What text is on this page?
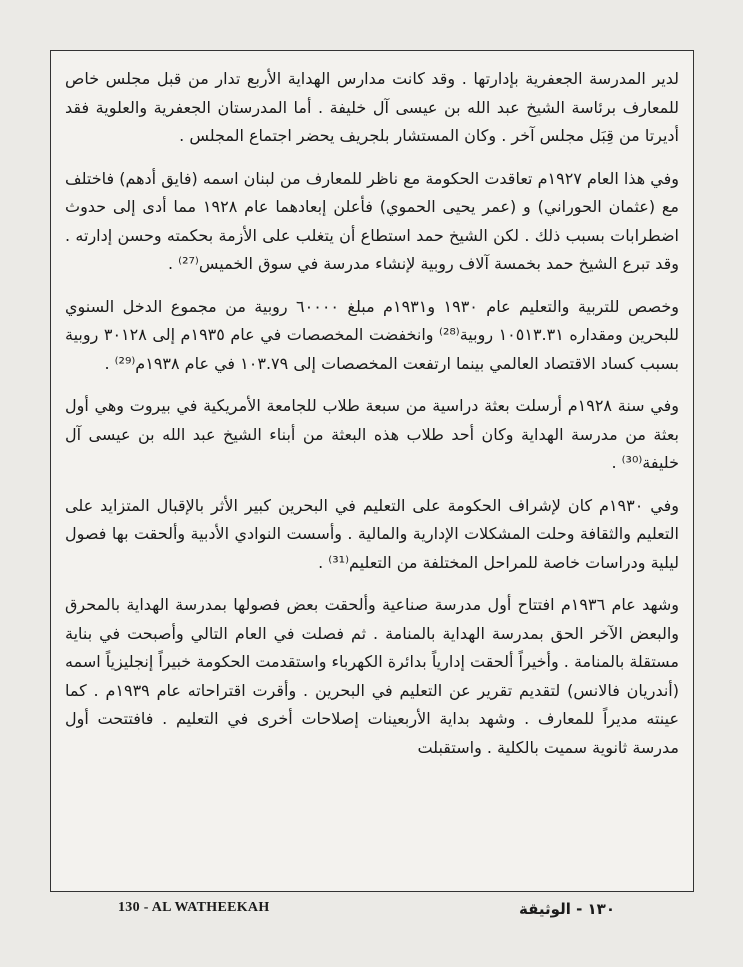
لدير المدرسة الجعفرية بإدارتها . وقد كانت مدارس الهداية الأربع تدار من قبل مجلس خاص للمعارف برئاسة الشيخ عبد الله بن عيسى آل خليفة . أما المدرستان الجعفرية والعلوية فقد أديرتا من قِبَل مجلس آخر . وكان المستشار بلجريف يحضر اجتماع المجلس .

وفي هذا العام ١٩٢٧م تعاقدت الحكومة مع ناظر للمعارف من لبنان اسمه (فايق أدهم) فاختلف مع (عثمان الحوراني) و (عمر يحيى الحموي) فأعلن إبعادهما عام ١٩٢٨ مما أدى إلى حدوث اضطرابات بسبب ذلك . لكن الشيخ حمد استطاع أن يتغلب على الأزمة بحكمته وحسن إدارته . وقد تبرع الشيخ حمد بخمسة آلاف روبية لإنشاء مدرسة في سوق الخميس⁽²⁷⁾ .

وخصص للتربية والتعليم عام ١٩٣٠ و١٩٣١م مبلغ ٦٠٠٠٠ روبية من مجموع الدخل السنوي للبحرين ومقداره ١٠٥١٣.٣١ روبية⁽²⁸⁾ وانخفضت المخصصات في عام ١٩٣٥م إلى ٣٠١٢٨ روبية بسبب كساد الاقتصاد العالمي بينما ارتفعت المخصصات إلى ١٠٣.٧٩ في عام ١٩٣٨م⁽²⁹⁾ .

وفي سنة ١٩٢٨م أرسلت بعثة دراسية من سبعة طلاب للجامعة الأمريكية في بيروت وهي أول بعثة من مدرسة الهداية وكان أحد طلاب هذه البعثة من أبناء الشيخ عبد الله بن عيسى آل خليفة⁽³⁰⁾ .

وفي ١٩٣٠م كان لإشراف الحكومة على التعليم في البحرين كبير الأثر بالإقبال المتزايد على التعليم والثقافة وحلت المشكلات الإدارية والمالية . وأسست النوادي الأدبية وألحقت بها فصول ليلية ودراسات خاصة للمراحل المختلفة من التعليم⁽³¹⁾ .

وشهد عام ١٩٣٦م افتتاح أول مدرسة صناعية وألحقت بعض فصولها بمدرسة الهداية بالمحرق والبعض الآخر الحق بمدرسة الهداية بالمنامة . ثم فصلت في العام التالي وأصبحت في بناية مستقلة بالمنامة . وأخيراً ألحقت إدارياً بدائرة الكهرباء واستقدمت الحكومة خبيراً إنجليزياً اسمه (أندريان فالانس) لتقديم تقرير عن التعليم في البحرين . وأقرت اقتراحاته عام ١٩٣٩م . كما عينته مديراً للمعارف . وشهد بداية الأربعينات إصلاحات أخرى في التعليم . فافتتحت أول مدرسة ثانوية سميت بالكلية . واستقبلت

130 - AL WATHEEKAH	١٣٠ - الوثيقة
